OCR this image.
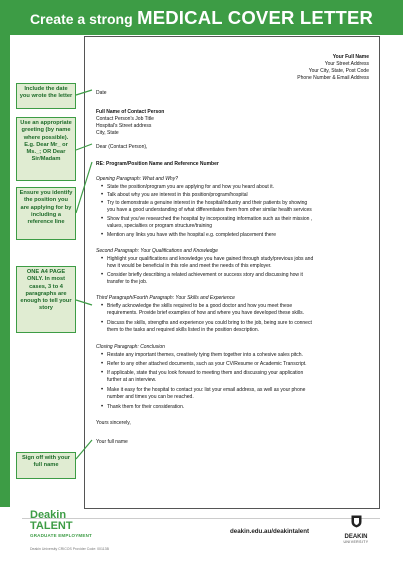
Create a strong MEDICAL COVER LETTER
Your Full Name
Your Street Address
Your City, State, Post Code
Phone Number & Email Address
Date
Full Name of Contact Person
Contact Person's Job Title
Hospital's Street address
City, State
Dear (Contact Person),
RE: Program/Position Name and Reference Number
Opening Paragraph: What and Why?
• State the position/program you are applying for and how you heard about it.
• Talk about why you are interest in this position/program/hospital
• Try to demonstrate a genuine interest in the hospital/industry and their patients by showing
you have a good understanding of what differentiates them from other similar health services
• Show that you've researched the hospital by incorporating information such as their mission ,
values, specialties or program structure/training
• Mention any links you have with the hospital e.g. completed placement there
Second Paragraph: Your Qualifications and Knowledge
• Highlight your qualifications and knowledge you have gained through study/previous jobs and
how it would be beneficial in this role and meet the needs of this employer.
• Consider briefly describing a related achievement or success story and discussing how it
transfer to the job.
Third Paragraph/Fourth Paragraph: Your Skills and Experience
• Briefly acknowledge the skills required to be a good doctor and how you meet these
requirements. Provide brief examples of how and where you have developed these skills.
• Discuss the skills, strengths and experience you could bring to the job, being sure to connect
them to the tasks and required skills listed in the position description.
Closing Paragraph: Conclusion
• Restate any important themes, creatively tying them together into a cohesive sales pitch.
• Refer to any other attached documents, such as your CV/Resume or Academic Transcript.
• If applicable, state that you look forward to meeting them and discussing your application
further at an interview.
• Make it easy for the hospital to contact you: list your email address, as well as your phone
number and times you can be reached.
• Thank them for their consideration.
Yours sincerely,
Your full name
Include the date you wrote the letter
Use an appropriate greeting (by name where possible). E.g. Dear Mr_ or Ms._; OR Dear Sir/Madam
Ensure you identify the position you are applying for by including a reference line
ONE A4 PAGE ONLY. In most cases, 3 to 4 paragraphs are enough to tell your story
Sign off with your full name
Deakin
TALENT
GRADUATE EMPLOYMENT
Deakin University CRICOS Provider Code: 00113B
deakin.edu.au/deakintalent
DEAKIN
UNIVERSITY
